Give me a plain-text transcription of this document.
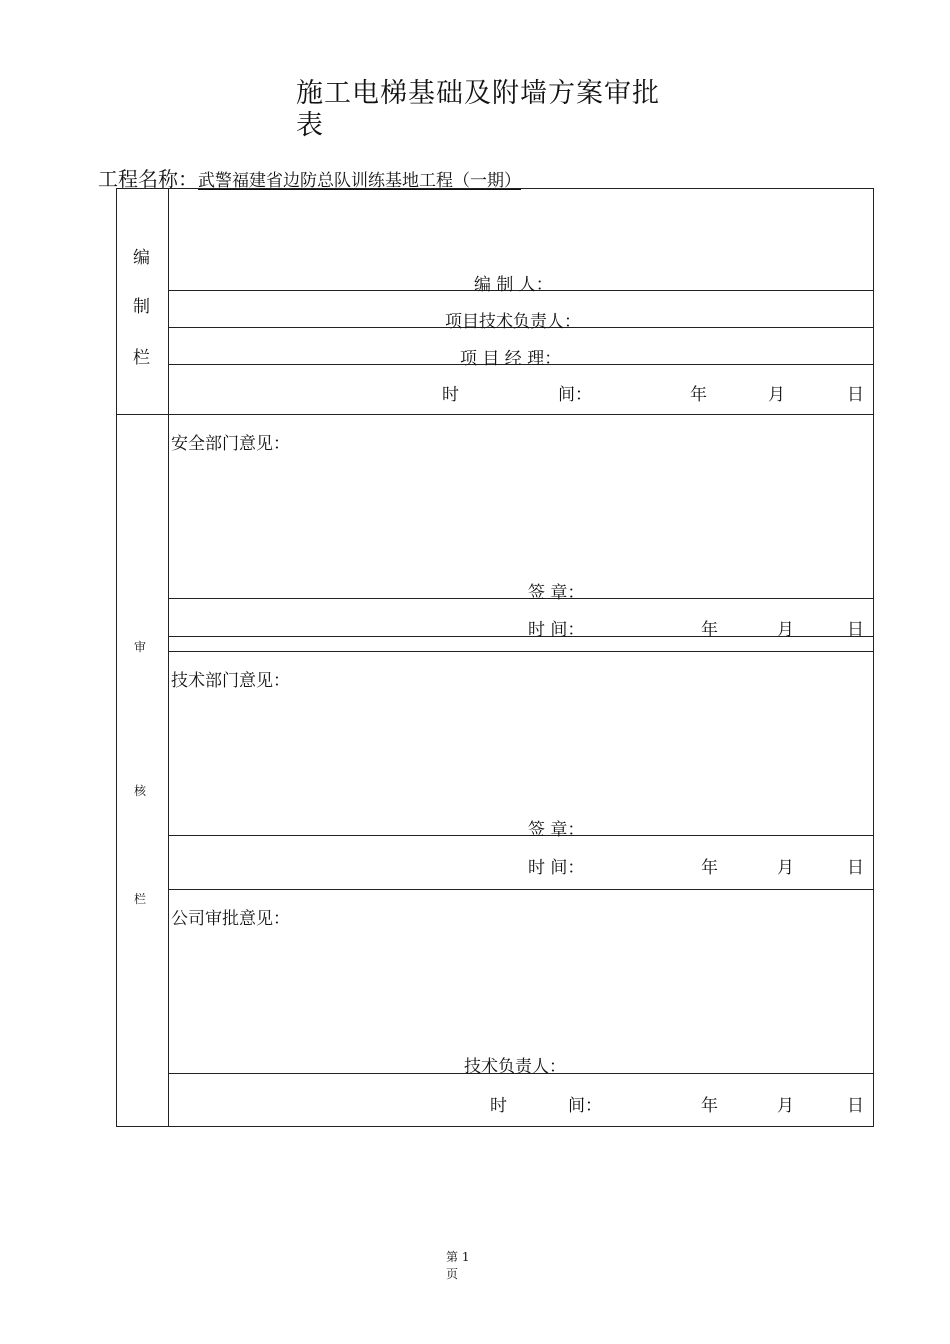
施工电梯基础及附墙方案审批表
工程名称：武警福建省边防总队训练基地工程（一期）
编
制
栏
编 制 人：
项目技术负责人：
项 目 经 理：
时	间：	年	月	日
审
核
栏
安全部门意见：
签 章：
时 间：	年	月	日
技术部门意见：
签 章：
时 间：	年	月	日
公司审批意见：
技术负责人：
时	间：	年	月	日
第 1
页
